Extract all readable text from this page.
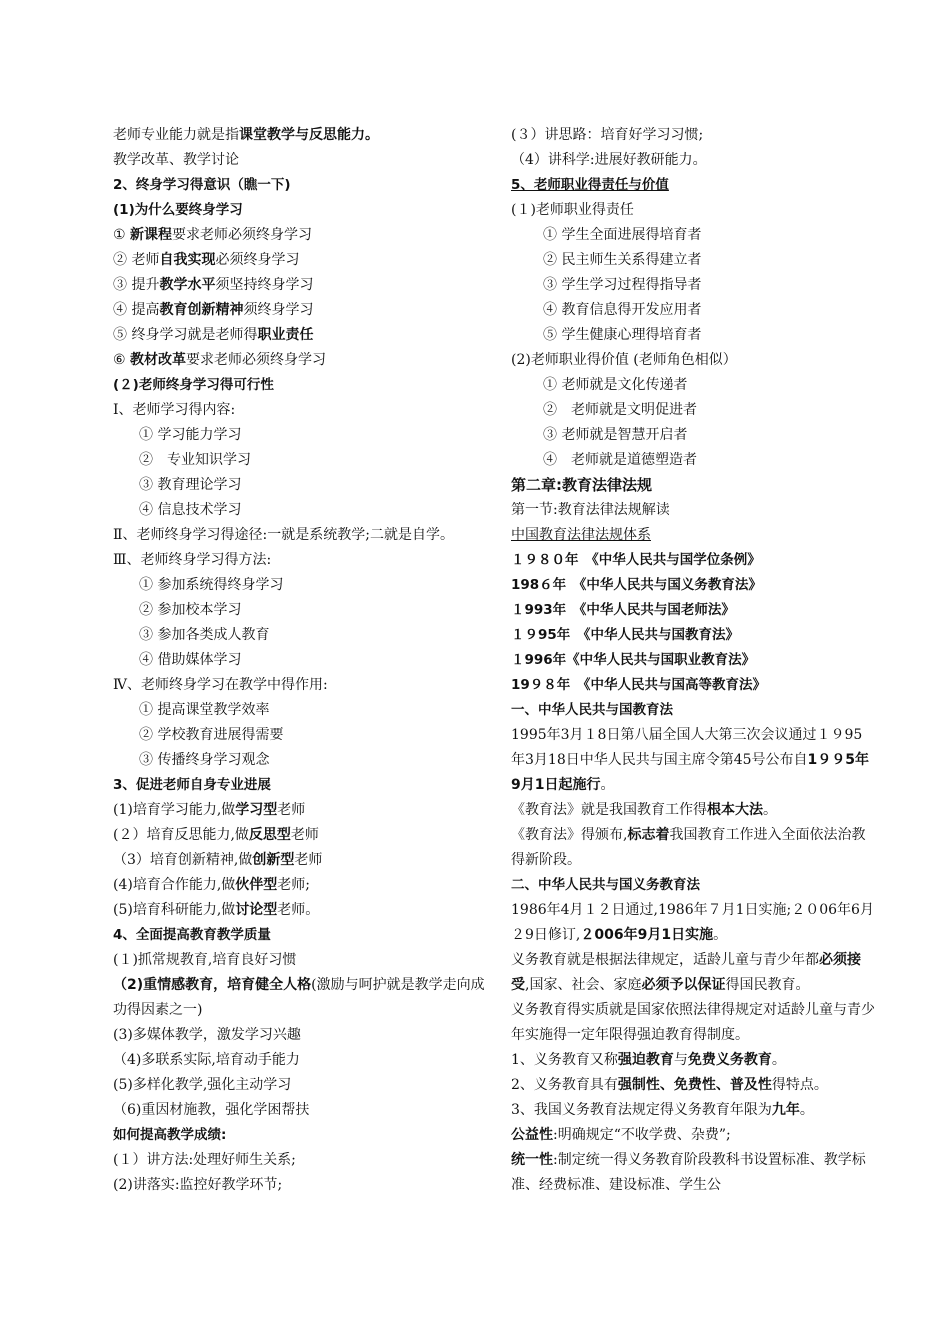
老师专业能力就是指课堂教学与反思能力。
教学改革、教学讨论
2、终身学习得意识（瞧一下)
(1)为什么要终身学习
① 新课程要求老师必须终身学习
② 老师自我实现必须终身学习
③ 提升教学水平须坚持终身学习
④ 提高教育创新精神须终身学习
⑤ 终身学习就是老师得职业责任
⑥ 教材改革要求老师必须终身学习
(２)老师终身学习得可行性
Ⅰ、老师学习得内容:
① 学习能力学习
②　专业知识学习
③ 教育理论学习
④ 信息技术学习
Ⅱ、老师终身学习得途径:一就是系统教学;二就是自学。
Ⅲ、老师终身学习得方法:
① 参加系统得终身学习
② 参加校本学习
③ 参加各类成人教育
④ 借助媒体学习
Ⅳ、老师终身学习在教学中得作用:
① 提高课堂教学效率
② 学校教育进展得需要
③ 传播终身学习观念
3、促进老师自身专业进展
(1)培育学习能力,做学习型老师
(２）培育反思能力,做反思型老师
（3）培育创新精神,做创新型老师
(4)培育合作能力,做伙伴型老师;
(5)培育科研能力,做讨论型老师。
4、全面提高教育教学质量
(１)抓常规教育,培育良好习惯
（2)重情感教育，培育健全人格(激励与呵护就是教学走向成功得因素之一)
(3)多媒体教学，激发学习兴趣
（4)多联系实际,培育动手能力
(5)多样化教学,强化主动学习
（6)重因材施教，强化学困帮扶
如何提高教学成绩:
(１）讲方法:处理好师生关系;
(2)讲落实:监控好教学环节;
(３）讲思路：培育好学习习惯;
（4）讲科学:进展好教研能力。
5、老师职业得责任与价值
(１)老师职业得责任
① 学生全面进展得培育者
② 民主师生关系得建立者
③ 学生学习过程得指导者
④ 教育信息得开发应用者
⑤ 学生健康心理得培育者
(2)老师职业得价值 (老师角色相似）
① 老师就是文化传递者
②　老师就是文明促进者
③ 老师就是智慧开启者
④　老师就是道德塑造者
第二章:教育法律法规
第一节:教育法律法规解读
中国教育法律法规体系
１９８０年　《中华人民共与国学位条例》
198６年　《中华人民共与国义务教育法》
１993年　《中华人民共与国老师法》
１９95年　《中华人民共与国教育法》
１996年《中华人民共与国职业教育法》
19９８年　《中华人民共与国高等教育法》
一、中华人民共与国教育法
1995年3月１8日第八届全国人大第三次会议通过１９95年3月18日中华人民共与国主席令第45号公布自1９９5年9月1日起施行。
《教育法》就是我国教育工作得根本大法。
《教育法》得颁布,标志着我国教育工作进入全面依法治教得新阶段。
二、中华人民共与国义务教育法
1986年4月１２日通过,1986年７月1日实施;２０06年6月２9日修订,２006年9月1日实施。
义务教育就是根据法律规定，适龄儿童与青少年都必须接受,国家、社会、家庭必须予以保证得国民教育。
义务教育得实质就是国家依照法律得规定对适龄儿童与青少年实施得一定年限得强迫教育得制度。
1、义务教育又称强迫教育与免费义务教育。
2、义务教育具有强制性、免费性、普及性得特点。
3、我国义务教育法规定得义务教育年限为九年。
公益性:明确规定“不收学费、杂费”;
统一性:制定统一得义务教育阶段教科书设置标准、教学标准、经费标准、建设标准、学生公
